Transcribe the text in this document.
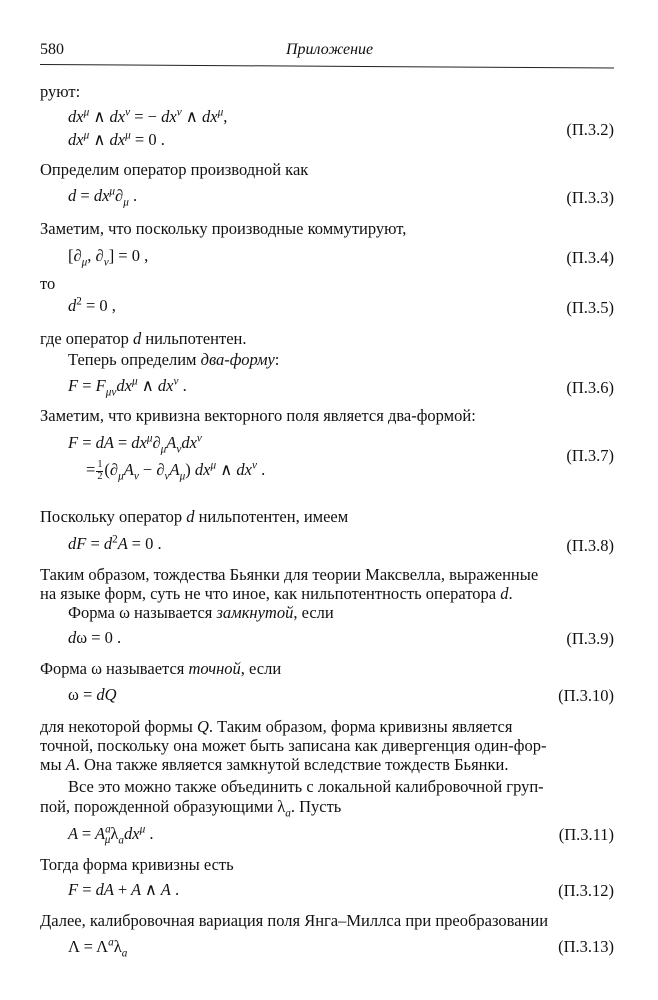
580	Приложение
руют:
$dx^\mu$ ∧ $dx^\nu$ = − $dx^\nu$ ∧ $dx^\mu$,
$dx^\mu$ ∧ $dx^\mu = 0$ .
(П.3.2)
Определим оператор производной как
$d = dx^\mu\partial_\mu$ .	(П.3.3)
Заметим, что поскольку производные коммутируют,
[$\partial_\mu$, $\partial_\nu] = 0$ ,	(П.3.4)
то
$d^2 = 0$ ,	(П.3.5)
где оператор d нильпотентен.
Теперь определим два-форму:
$F = F_{\mu\nu}dx^\mu$ ∧ $dx^\nu$ .	(П.3.6)
Заметим, что кривизна векторного поля является два-формой:
F = dA = $dx^\mu\partial_\mu A_\nu dx^\nu$
= $\frac{1}{2} (\partial_\mu A_\nu - \partial_\nu A_\mu)$ $dx^\mu$ ∧ $dx^\nu$ .
(П.3.7)
Поскольку оператор d нильпотентен, имеем
dF = $d^2A = 0$ .	(П.3.8)
Таким образом, тождества Бьянки для теории Максвелла, выраженные
на языке форм, суть не что иное, как нильпотентность оператора d.
Форма ω называется замкнутой, если
dω = 0 .	(П.3.9)
Форма ω называется точной, если
ω = dQ	(П.3.10)
для некоторой формы Q. Таким образом, форма кривизны является
точной, поскольку она может быть записана как дивергенция один-фор-
мы A. Она также является замкнутой вследствие тождеств Бьянки.
Все это можно также объединить с локальной калибровочной груп-
пой, порожденной образующими $\lambda_a$. Пусть
$A = A^a_\mu\lambda_adx^\mu$ .	(П.3.11)
Тогда форма кривизны есть
F = dA + A ∧ A .	(П.3.12)
Далее, калибровочная вариация поля Янга–Миллса при преобразовании
$\Lambda = \Lambda^a\lambda_a$	(П.3.13)
